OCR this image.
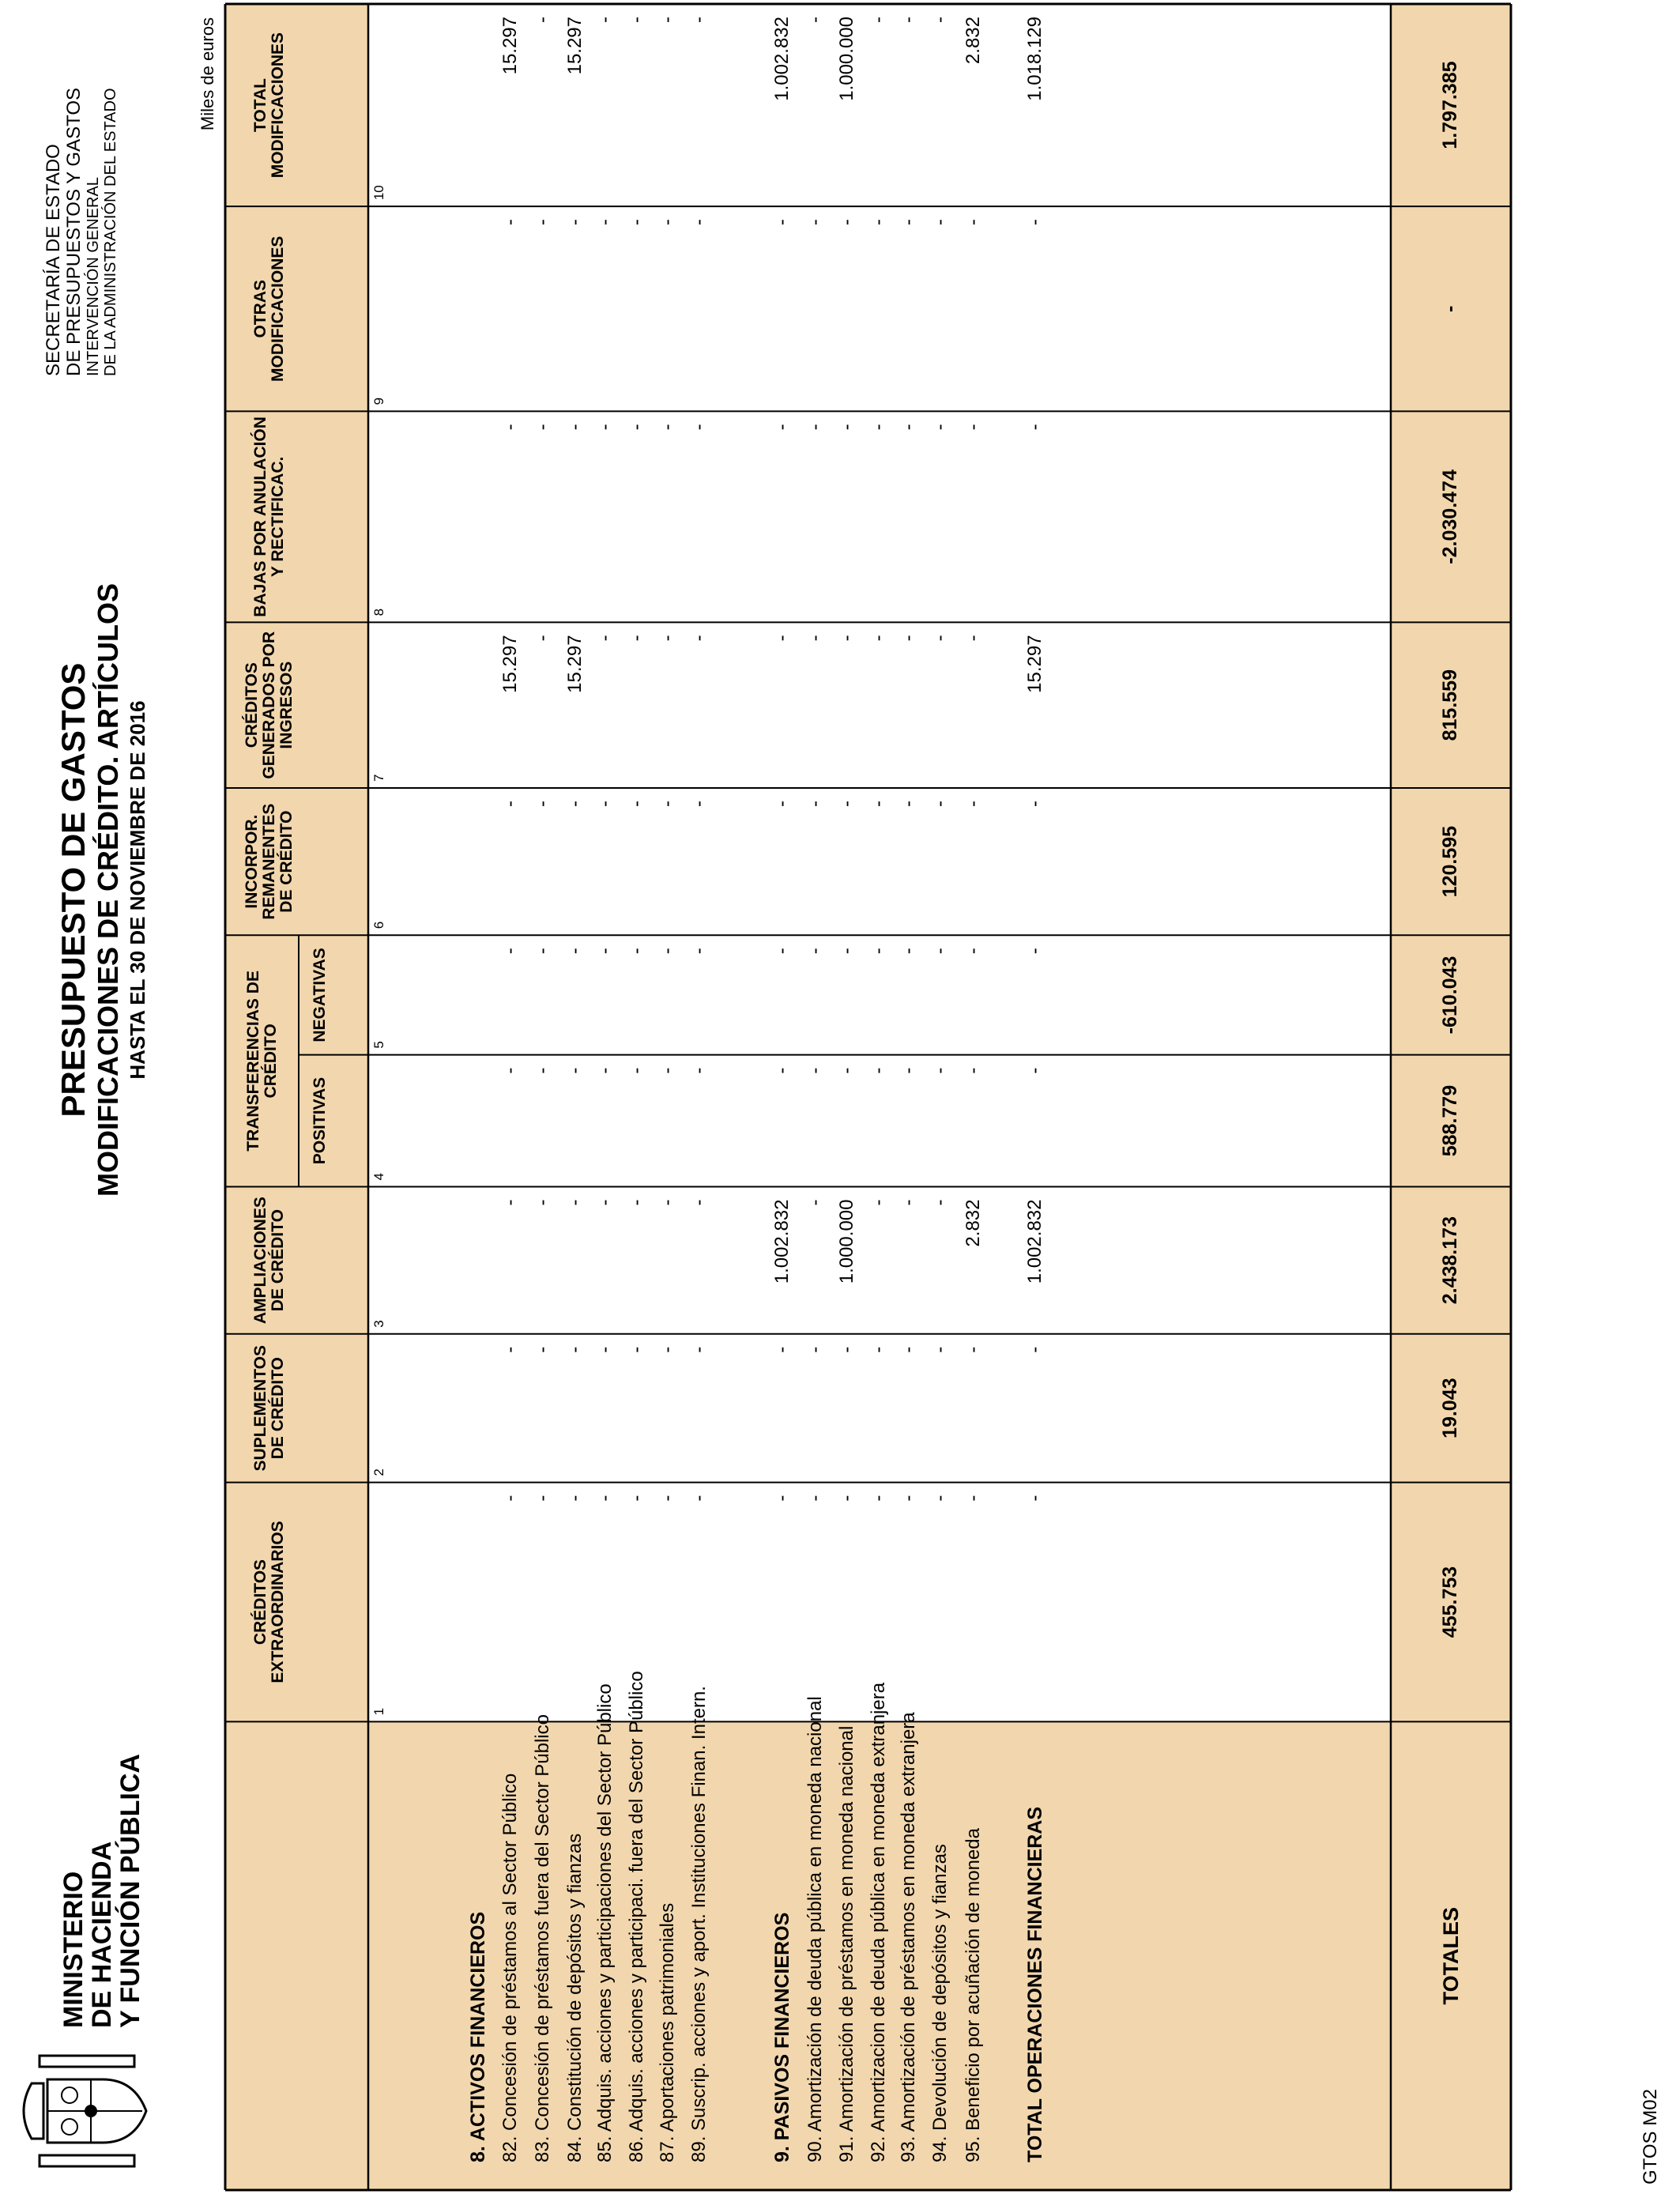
MINISTERIO
DE HACIENDA
Y FUNCIÓN PÚBLICA
PRESUPUESTO DE GASTOS MODIFICACIONES DE CRÉDITO. ARTÍCULOS HASTA EL 30 DE NOVIEMBRE DE 2016
SECRETARÍA DE ESTADO DE PRESUPUESTOS Y GASTOS INTERVENCIÓN GENERAL DE LA ADMINISTRACIÓN DEL ESTADO
Miles de euros
CRÉDITOS EXTRAORDINARIOS
1
SUPLEMENTOS DE CRÉDITO
2
AMPLIACIONES DE CRÉDITO
3
POSITIVAS
4
NEGATIVAS
5
INCORPOR. REMANENTES DE CRÉDITO
6
CRÉDITOS GENERADOS POR INGRESOS
7
BAJAS POR ANULACIÓN Y RECTIFICAC.
8
OTRAS MODIFICACIONES
9
TOTAL MODIFICACIONES
10
TRANSFERENCIAS DE CRÉDITO
8. ACTIVOS FINANCIEROS 82. Concesión de préstamos al Sector Público
-
-
-
-
-
-
15.297
-
-
15.297
83. Concesión de préstamos fuera del Sector Público
-
-
-
-
-
-
-
-
-
-
84. Constitución de depósitos y fianzas
-
-
-
-
-
-
15.297
-
-
15.297
85. Adquis. acciones y participaciones del Sector Público
-
-
-
-
-
-
-
-
-
-
86. Adquis. acciones y participaci. fuera del Sector Público
-
-
-
-
-
-
-
-
-
-
87. Aportaciones patrimoniales
-
-
-
-
-
-
-
-
-
-
89. Suscrip. acciones y aport. Instituciones Finan. Intern.
-
-
-
-
-
-
-
-
-
-
9. PASIVOS FINANCIEROS
-
-
1.002.832
-
-
-
-
-
-
1.002.832
90. Amortización de deuda pública en moneda nacional
-
-
-
-
-
-
-
-
-
-
91. Amortización de préstamos en moneda nacional
-
-
1.000.000
-
-
-
-
-
-
1.000.000
92. Amortizacion de deuda pública en moneda extranjera
-
-
-
-
-
-
-
-
-
-
93. Amortización de préstamos en moneda extranjera
-
-
-
-
-
-
-
-
-
-
94. Devolución de depósitos y fianzas
-
-
-
-
-
-
-
-
-
-
95. Beneficio por acuñación de moneda
-
-
2.832
-
-
-
-
-
-
2.832
TOTAL OPERACIONES FINANCIERAS
-
-
1.002.832
-
-
-
15.297
-
-
1.018.129
TOTALES
455.753
19.043
2.438.173
588.779
-610.043
120.595
815.559
-2.030.474
-
1.797.385
GTOS M02
